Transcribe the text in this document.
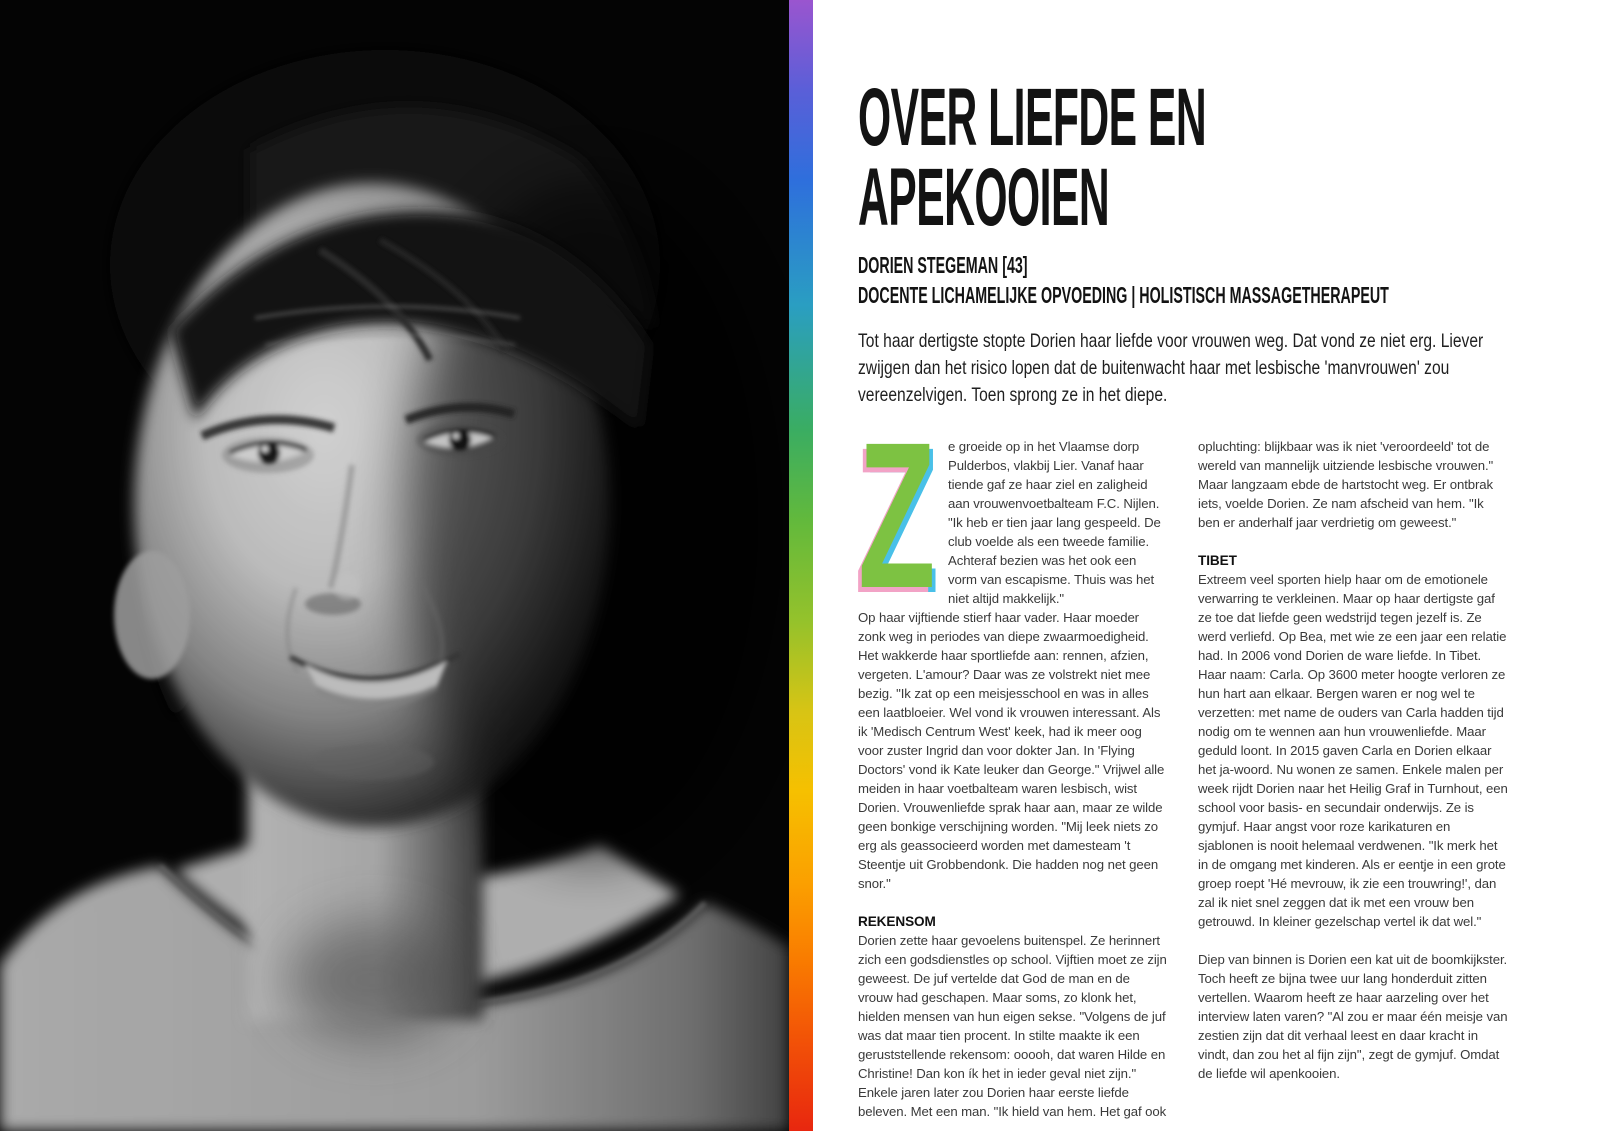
OVER LIEFDE EN
APEKOOIEN
DORIEN STEGEMAN [43]
DOCENTE LICHAMELIJKE OPVOEDING | HOLISTISCH MASSAGETHERAPEUT

Tot haar dertigste stopte Dorien haar liefde voor vrouwen weg. Dat vond ze niet erg. Liever zwijgen dan het risico lopen dat de buitenwacht haar met lesbische 'manvrouwen' zou vereenzelvigen. Toen sprong ze in het diepe.

Ze groeide op in het Vlaamse dorp Pulderbos, vlakbij Lier. Vanaf haar tiende gaf ze haar ziel en zaligheid aan vrouwenvoetbalteam F.C. Nijlen. "Ik heb er tien jaar lang gespeeld. De club voelde als een tweede familie. Achteraf bezien was het ook een vorm van escapisme. Thuis was het niet altijd makkelijk."

Op haar vijftiende stierf haar vader. Haar moeder zonk weg in periodes van diepe zwaarmoedigheid. Het wakkerde haar sportliefde aan: rennen, afzien, vergeten. L'amour? Daar was ze volstrekt niet mee bezig. "Ik zat op een meisjesschool en was in alles een laatbloeier. Wel vond ik vrouwen interessant. Als ik 'Medisch Centrum West' keek, had ik meer oog voor zuster Ingrid dan voor dokter Jan. In 'Flying Doctors' vond ik Kate leuker dan George." Vrijwel alle meiden in haar voetbalteam waren lesbisch, wist Dorien. Vrouwenliefde sprak haar aan, maar ze wilde geen bonkige verschijning worden. "Mij leek niets zo erg als geassocieerd worden met damesteam 't Steentje uit Grobbendonk. Die hadden nog net geen snor."

REKENSOM

Dorien zette haar gevoelens buitenspel. Ze herinnert zich een godsdienstles op school. Vijftien moet ze zijn geweest. De juf vertelde dat God de man en de vrouw had geschapen. Maar soms, zo klonk het, hielden mensen van hun eigen sekse. "Volgens de juf was dat maar tien procent. In stilte maakte ik een geruststellende rekensom: ooooh, dat waren Hilde en Christine! Dan kon ík het in ieder geval niet zijn." Enkele jaren later zou Dorien haar eerste liefde beleven. Met een man. "Ik hield van hem. Het gaf ook

opluchting: blijkbaar was ik niet 'veroordeeld' tot de wereld van mannelijk uitziende lesbische vrouwen." Maar langzaam ebde de hartstocht weg. Er ontbrak iets, voelde Dorien. Ze nam afscheid van hem. "Ik ben er anderhalf jaar verdrietig om geweest."

TIBET

Extreem veel sporten hielp haar om de emotionele verwarring te verkleinen. Maar op haar dertigste gaf ze toe dat liefde geen wedstrijd tegen jezelf is. Ze werd verliefd. Op Bea, met wie ze een jaar een relatie had. In 2006 vond Dorien de ware liefde. In Tibet. Haar naam: Carla. Op 3600 meter hoogte verloren ze hun hart aan elkaar. Bergen waren er nog wel te verzetten: met name de ouders van Carla hadden tijd nodig om te wennen aan hun vrouwenliefde. Maar geduld loont. In 2015 gaven Carla en Dorien elkaar het ja-woord. Nu wonen ze samen. Enkele malen per week rijdt Dorien naar het Heilig Graf in Turnhout, een school voor basis- en secundair onderwijs. Ze is gymjuf. Haar angst voor roze karikaturen en sjablonen is nooit helemaal verdwenen. "Ik merk het in de omgang met kinderen. Als er eentje in een grote groep roept 'Hé mevrouw, ik zie een trouwring!', dan zal ik niet snel zeggen dat ik met een vrouw ben getrouwd. In kleiner gezelschap vertel ik dat wel."

Diep van binnen is Dorien een kat uit de boomkijkster. Toch heeft ze bijna twee uur lang honderduit zitten vertellen. Waarom heeft ze haar aarzeling over het interview laten varen? "Al zou er maar één meisje van zestien zijn dat dit verhaal leest en daar kracht in vindt, dan zou het al fijn zijn", zegt de gymjuf. Omdat de liefde wil apenkooien.
